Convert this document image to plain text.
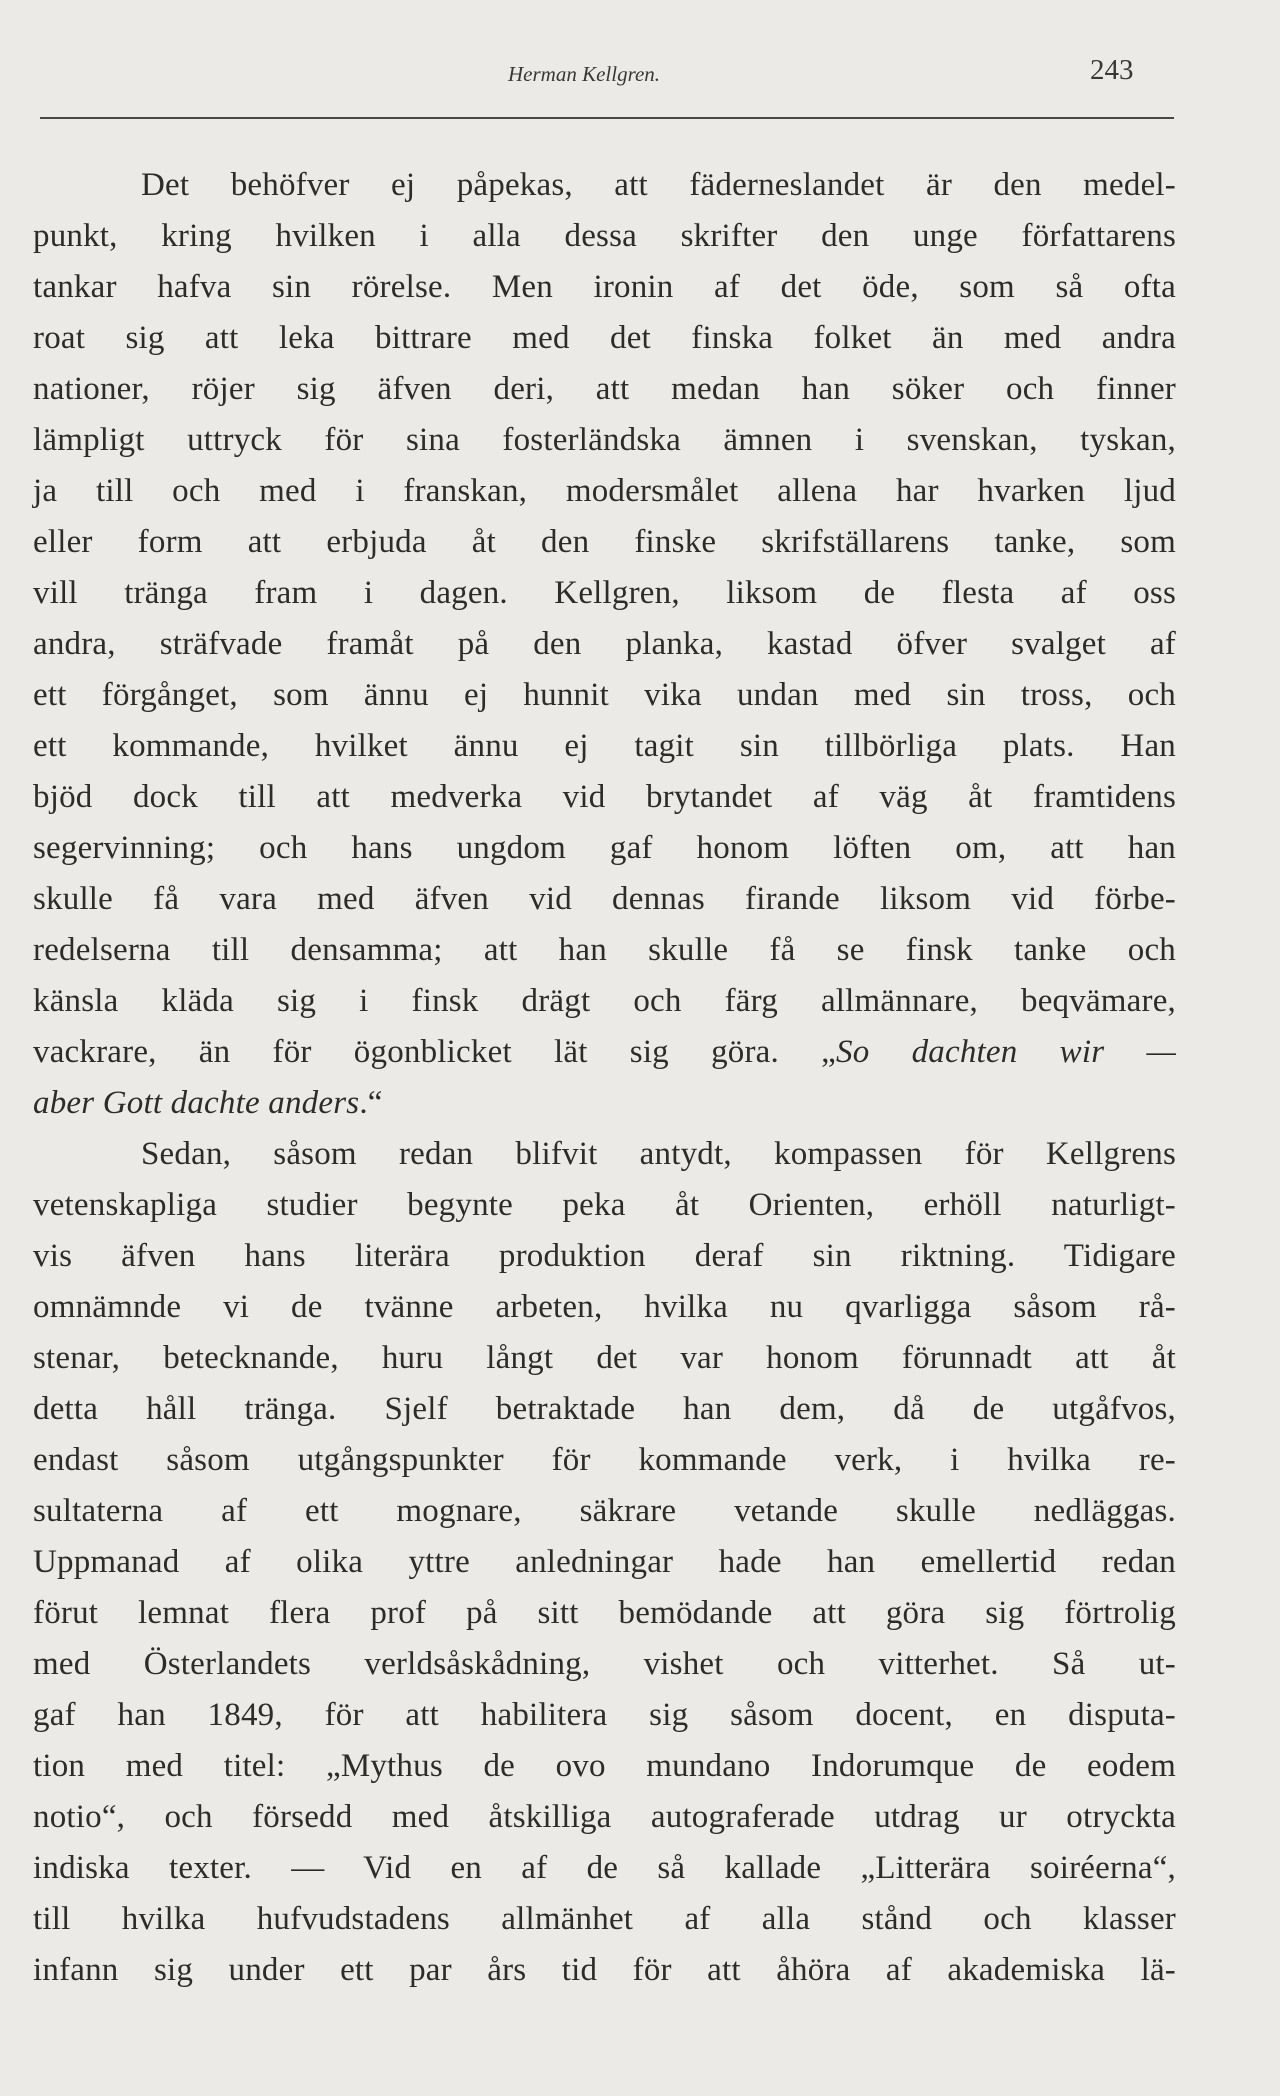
Herman Kellgren.	243
Det behöfver ej påpekas, att fäderneslandet är den medel-
punkt, kring hvilken i alla dessa skrifter den unge författarens
tankar hafva sin rörelse. Men ironin af det öde, som så ofta
roat sig att leka bittrare med det finska folket än med andra
nationer, röjer sig äfven deri, att medan han söker och finner
lämpligt uttryck för sina fosterländska ämnen i svenskan, tyskan,
ja till och med i franskan, modersmålet allena har hvarken ljud
eller form att erbjuda åt den finske skrifställarens tanke, som
vill tränga fram i dagen. Kellgren, liksom de flesta af oss
andra, sträfvade framåt på den planka, kastad öfver svalget af
ett förgånget, som ännu ej hunnit vika undan med sin tross, och
ett kommande, hvilket ännu ej tagit sin tillbörliga plats. Han
bjöd dock till att medverka vid brytandet af väg åt framtidens
segervinning; och hans ungdom gaf honom löften om, att han
skulle få vara med äfven vid dennas firande liksom vid förbe-
redelserna till densamma; att han skulle få se finsk tanke och
känsla kläda sig i finsk drägt och färg allmännare, beqvämare,
vackrare, än för ögonblicket lät sig göra. „So dachten wir —
aber Gott dachte anders.“
Sedan, såsom redan blifvit antydt, kompassen för Kellgrens
vetenskapliga studier begynte peka åt Orienten, erhöll naturligt-
vis äfven hans literära produktion deraf sin riktning. Tidigare
omnämnde vi de tvänne arbeten, hvilka nu qvarligga såsom rå-
stenar, betecknande, huru långt det var honom förunnadt att åt
detta håll tränga. Sjelf betraktade han dem, då de utgåfvos,
endast såsom utgångspunkter för kommande verk, i hvilka re-
sultaterna af ett mognare, säkrare vetande skulle nedläggas.
Uppmanad af olika yttre anledningar hade han emellertid redan
förut lemnat flera prof på sitt bemödande att göra sig förtrolig
med Österlandets verldsåskådning, vishet och vitterhet. Så ut-
gaf han 1849, för att habilitera sig såsom docent, en disputa-
tion med titel: „Mythus de ovo mundano Indorumque de eodem
notio“, och försedd med åtskilliga autograferade utdrag ur otryckta
indiska texter. — Vid en af de så kallade „Litterära soiréerna“,
till hvilka hufvudstadens allmänhet af alla stånd och klasser
infann sig under ett par års tid för att åhöra af akademiska lä-
